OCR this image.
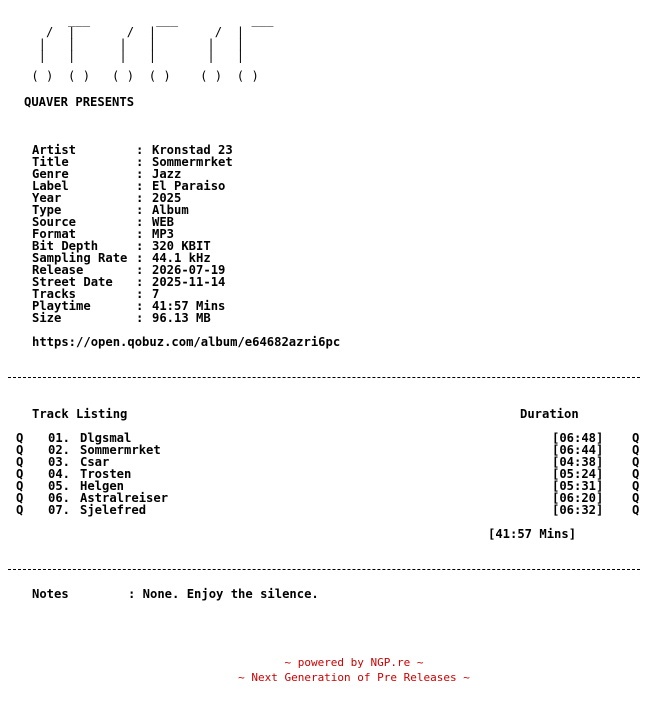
___         ___          ___
/  |       /  |        /  |
|   |      |   |       |   |
|   |      |   |       |   |
( )  ( )   ( )  ( )    ( )  ( )
QUAVER PRESENTS
Artist	: Kronstad 23
Title	: Sommermrket
Genre	: Jazz
Label	: El Paraiso
Year	: 2025
Type	: Album
Source	: WEB
Format	: MP3
Bit Depth	: 320 KBIT
Sampling Rate : 44.1 kHz
Release	: 2026-07-19
Street Date : 2025-11-14
Tracks	: 7
Playtime	: 41:57 Mins
Size	: 96.13 MB
https://open.qobuz.com/album/e64682azri6pc
Track Listing	Duration
Q 01. Dlgsmal	[06:48] Q
Q 02. Sommermrket	[06:44] Q
Q 03. Csar	[04:38] Q
Q 04. Trosten	[05:24] Q
Q 05. Helgen	[05:31] Q
Q 06. Astralreiser	[06:20] Q
Q 07. Sjelefred	[06:32] Q
[41:57 Mins]
Notes	: None. Enjoy the silence.
~ powered by NGP.re ~
~ Next Generation of Pre Releases ~
